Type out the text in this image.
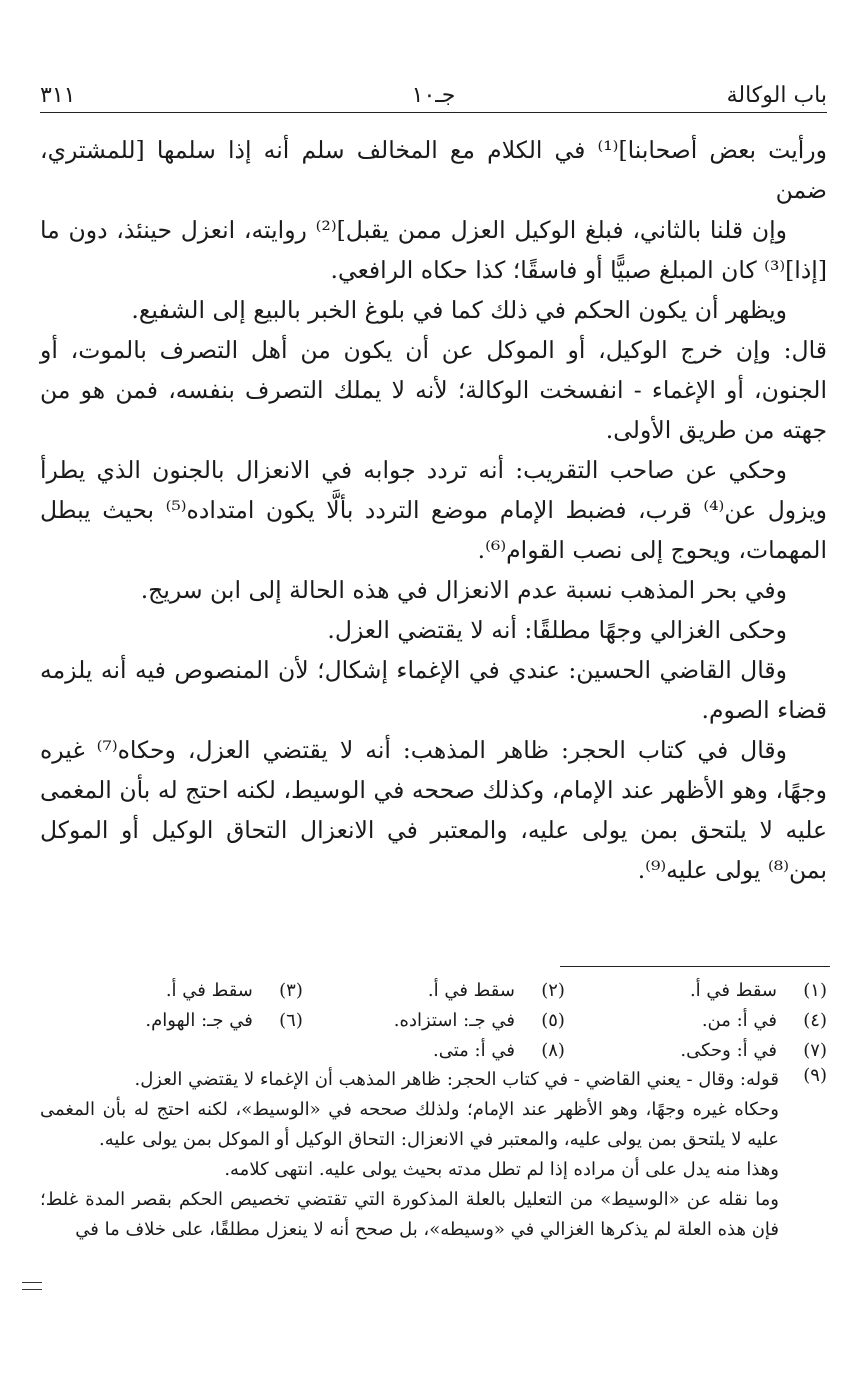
باب الوكالة
جـ١٠
٣١١

ورأيت بعض أصحابنا]⁽¹⁾ في الكلام مع المخالف سلم أنه إذا سلمها [للمشتري، ضمن

وإن قلنا بالثاني، فبلغ الوكيل العزل ممن يقبل]⁽²⁾ روايته، انعزل حينئذ، دون ما [إذا]⁽³⁾ كان المبلغ صبيًّا أو فاسقًا؛ كذا حكاه الرافعي.

ويظهر أن يكون الحكم في ذلك كما في بلوغ الخبر بالبيع إلى الشفيع.

قال: وإن خرج الوكيل، أو الموكل عن أن يكون من أهل التصرف بالموت، أو الجنون، أو الإغماء - انفسخت الوكالة؛ لأنه لا يملك التصرف بنفسه، فمن هو من جهته من طريق الأولى.

وحكي عن صاحب التقريب: أنه تردد جوابه في الانعزال بالجنون الذي يطرأ ويزول عن⁽⁴⁾ قرب، فضبط الإمام موضع التردد بألَّا يكون امتداده⁽⁵⁾ بحيث يبطل المهمات، ويحوج إلى نصب القوام⁽⁶⁾.

وفي بحر المذهب نسبة عدم الانعزال في هذه الحالة إلى ابن سريج.

وحكى الغزالي وجهًا مطلقًا: أنه لا يقتضي العزل.

وقال القاضي الحسين: عندي في الإغماء إشكال؛ لأن المنصوص فيه أنه يلزمه قضاء الصوم.

وقال في كتاب الحجر: ظاهر المذهب: أنه لا يقتضي العزل، وحكاه⁽⁷⁾ غيره وجهًا، وهو الأظهر عند الإمام، وكذلك صححه في الوسيط، لكنه احتج له بأن المغمى عليه لا يلتحق بمن يولى عليه، والمعتبر في الانعزال التحاق الوكيل أو الموكل بمن⁽⁸⁾ يولى عليه⁽⁹⁾.

(١)
سقط في أ.
(٢)
سقط في أ.
(٣)
سقط في أ.
(٤)
في أ: من.
(٥)
في جـ: استزاده.
(٦)
في جـ: الهوام.
(٧)
في أ: وحكى.
(٨)
في أ: متى.
(٩)

قوله: وقال - يعني القاضي - في كتاب الحجر: ظاهر المذهب أن الإغماء لا يقتضي العزل.

وحكاه غيره وجهًا، وهو الأظهر عند الإمام؛ ولذلك صححه في «الوسيط»، لكنه احتج له بأن المغمى عليه لا يلتحق بمن يولى عليه، والمعتبر في الانعزال: التحاق الوكيل أو الموكل بمن يولى عليه.

وهذا منه يدل على أن مراده إذا لم تطل مدته بحيث يولى عليه. انتهى كلامه.

وما نقله عن «الوسيط» من التعليل بالعلة المذكورة التي تقتضي تخصيص الحكم بقصر المدة غلط؛ فإن هذه العلة لم يذكرها الغزالي في «وسيطه»، بل صحح أنه لا ينعزل مطلقًا، على خلاف ما في
